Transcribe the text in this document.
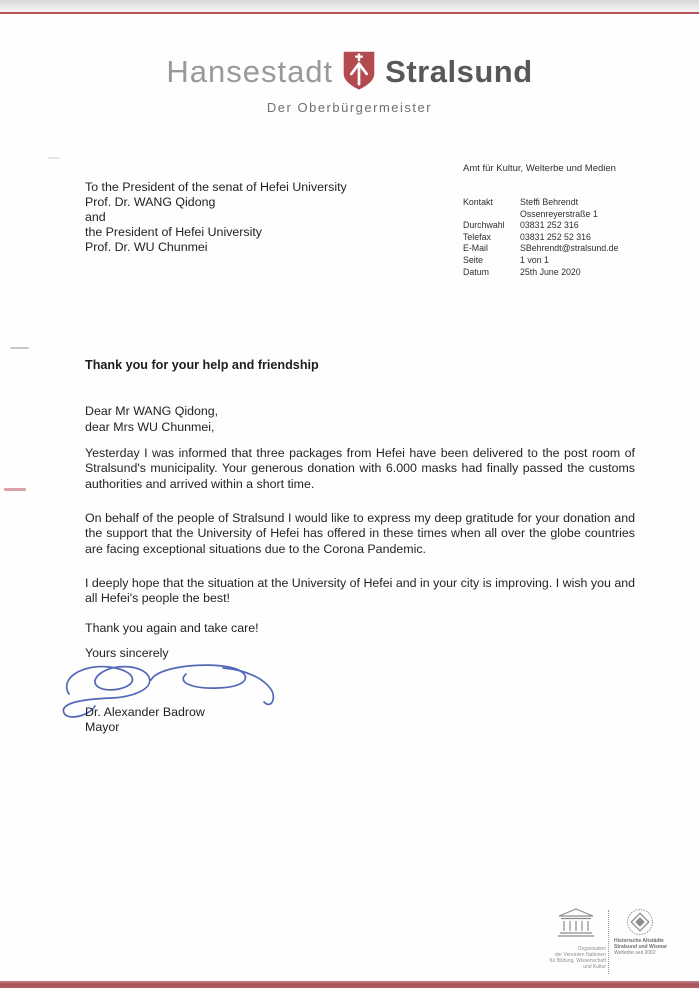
Hansestadt Stralsund
Der Oberbürgermeister
Amt für Kultur, Welterbe und Medien
To the President of the senat of Hefei University
Prof. Dr. WANG Qidong
and
the President of Hefei University
Prof. Dr. WU Chunmei
Kontakt	Steffi Behrendt
Ossenreyerstraße 1
Durchwahl	03831 252 316
Telefax	03831 252 52 316
E-Mail	SBehrendt@stralsund.de
Seite	1 von 1
Datum	25th June 2020
Thank you for your help and friendship
Dear Mr WANG Qidong,
dear Mrs WU Chunmei,
Yesterday I was informed that three packages from Hefei have been delivered to the post room of Stralsund's municipality. Your generous donation with 6.000 masks had finally passed the customs authorities and arrived within a short time.
On behalf of the people of Stralsund I would like to express my deep gratitude for your donation and the support that the University of Hefei has offered in these times when all over the globe countries are facing exceptional situations due to the Corona Pandemic.
I deeply hope that the situation at the University of Hefei and in your city is improving. I wish you and all Hefei's people the best!
Thank you again and take care!
Yours sincerely
Dr. Alexander Badrow
Mayor
Organisation
der Vereinten Nationen
für Bildung, Wissenschaft
und Kultur
Historische Altstädte
Stralsund und Wismar
Welterbe seit 2002
